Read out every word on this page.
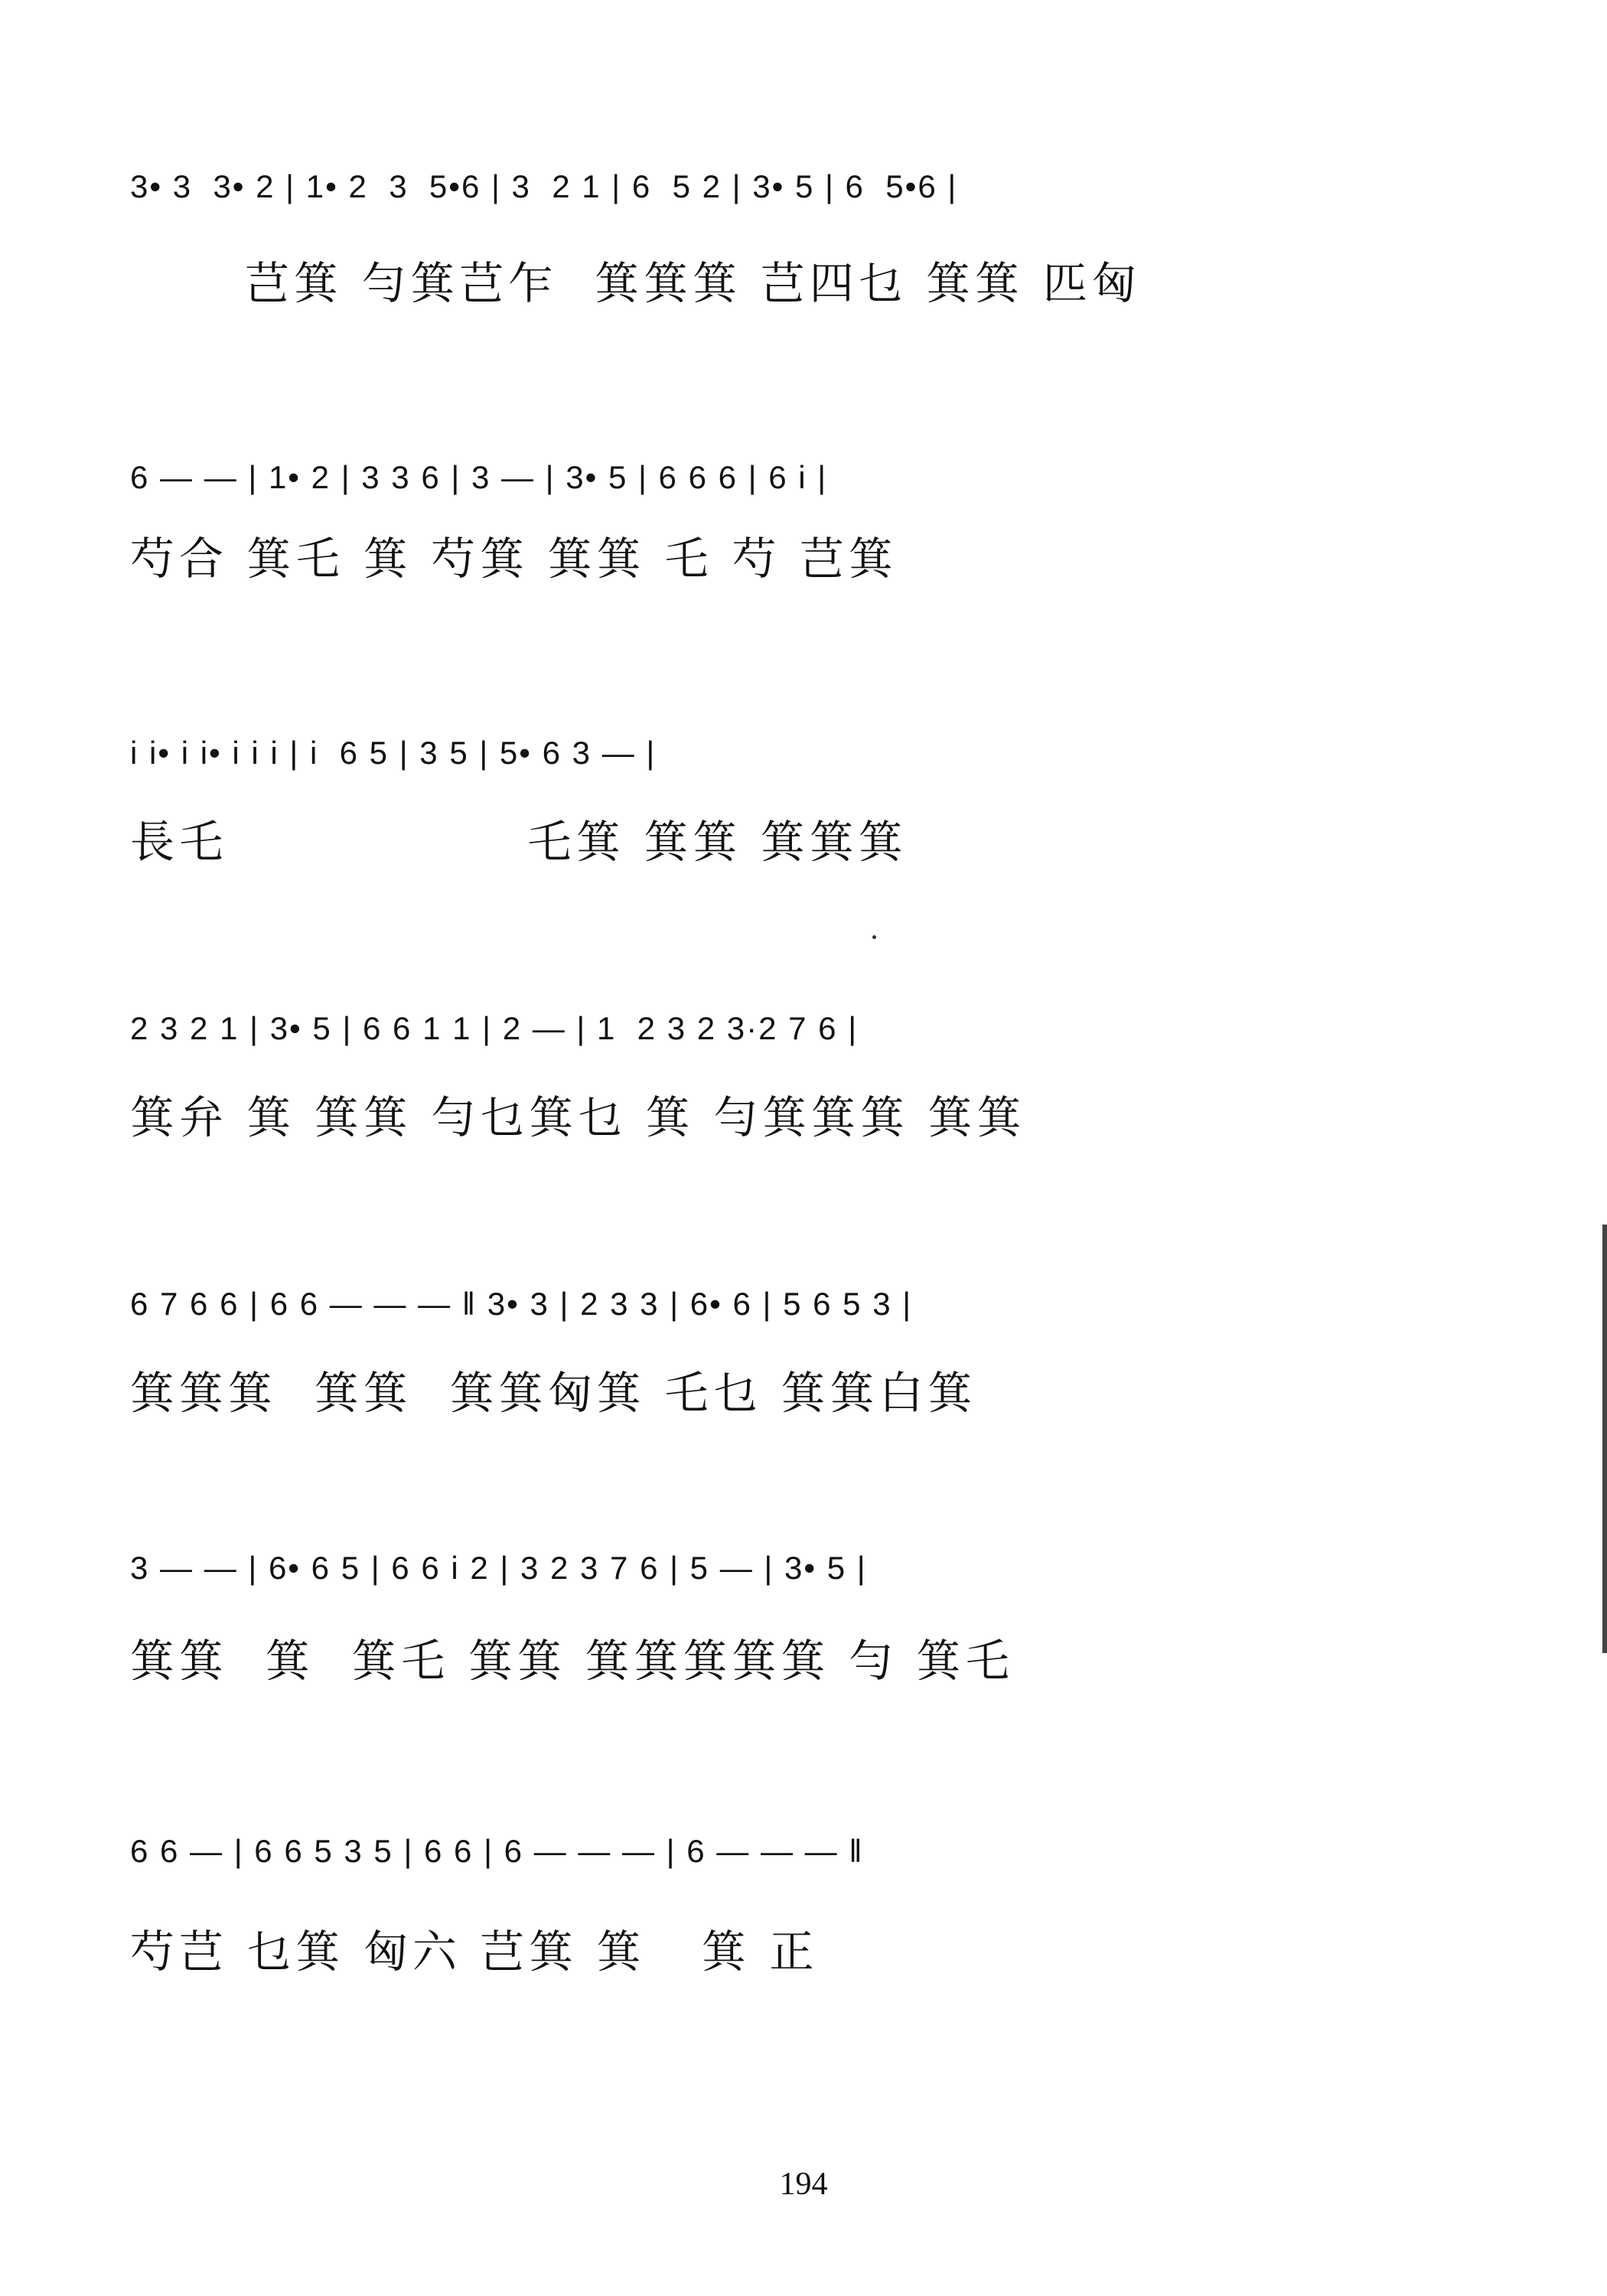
3• 3  3• 2 | 1• 2  3  5•6 | 3  2 1 | 6  5 2 | 3• 5 | 6  5•6 |
芑箕 勻箕芑乍  箕箕箕 芑四乜 箕箕 匹匈
6 — — | 1• 2 | 3 3 6 | 3 — | 3• 5 | 6 6 6 | 6 i |
芍合 箕乇 箕 芍箕 箕箕 乇 芍 芑箕
i i• i i• i i i | i  6 5 | 3 5 | 5• 6 3 — |
長乇                乇箕 箕箕 箕箕箕
2 3 2 1 | 3• 5 | 6 6 1 1 | 2 — | 1  2 3 2 3·2 7 6 |
箕弁 箕 箕箕 勻乜箕乜 箕 勻箕箕箕 箕箕
6 7 6 6 | 6 6 — — — ‖ 3• 3 | 2 3 3 | 6• 6 | 5 6 5 3 |
箕箕箕  箕箕  箕箕匈箕 乇乜 箕箕白箕
3 — — | 6• 6 5 | 6 6 i 2 | 3 2 3 7 6 | 5 — | 3• 5 |
箕箕  箕  箕乇 箕箕 箕箕箕箕箕 勻 箕乇
6 6 — | 6 6 5 3 5 | 6 6 | 6 — — — | 6 — — — ‖
芍芑 乜箕 匈六 芑箕 箕   箕 正
194
